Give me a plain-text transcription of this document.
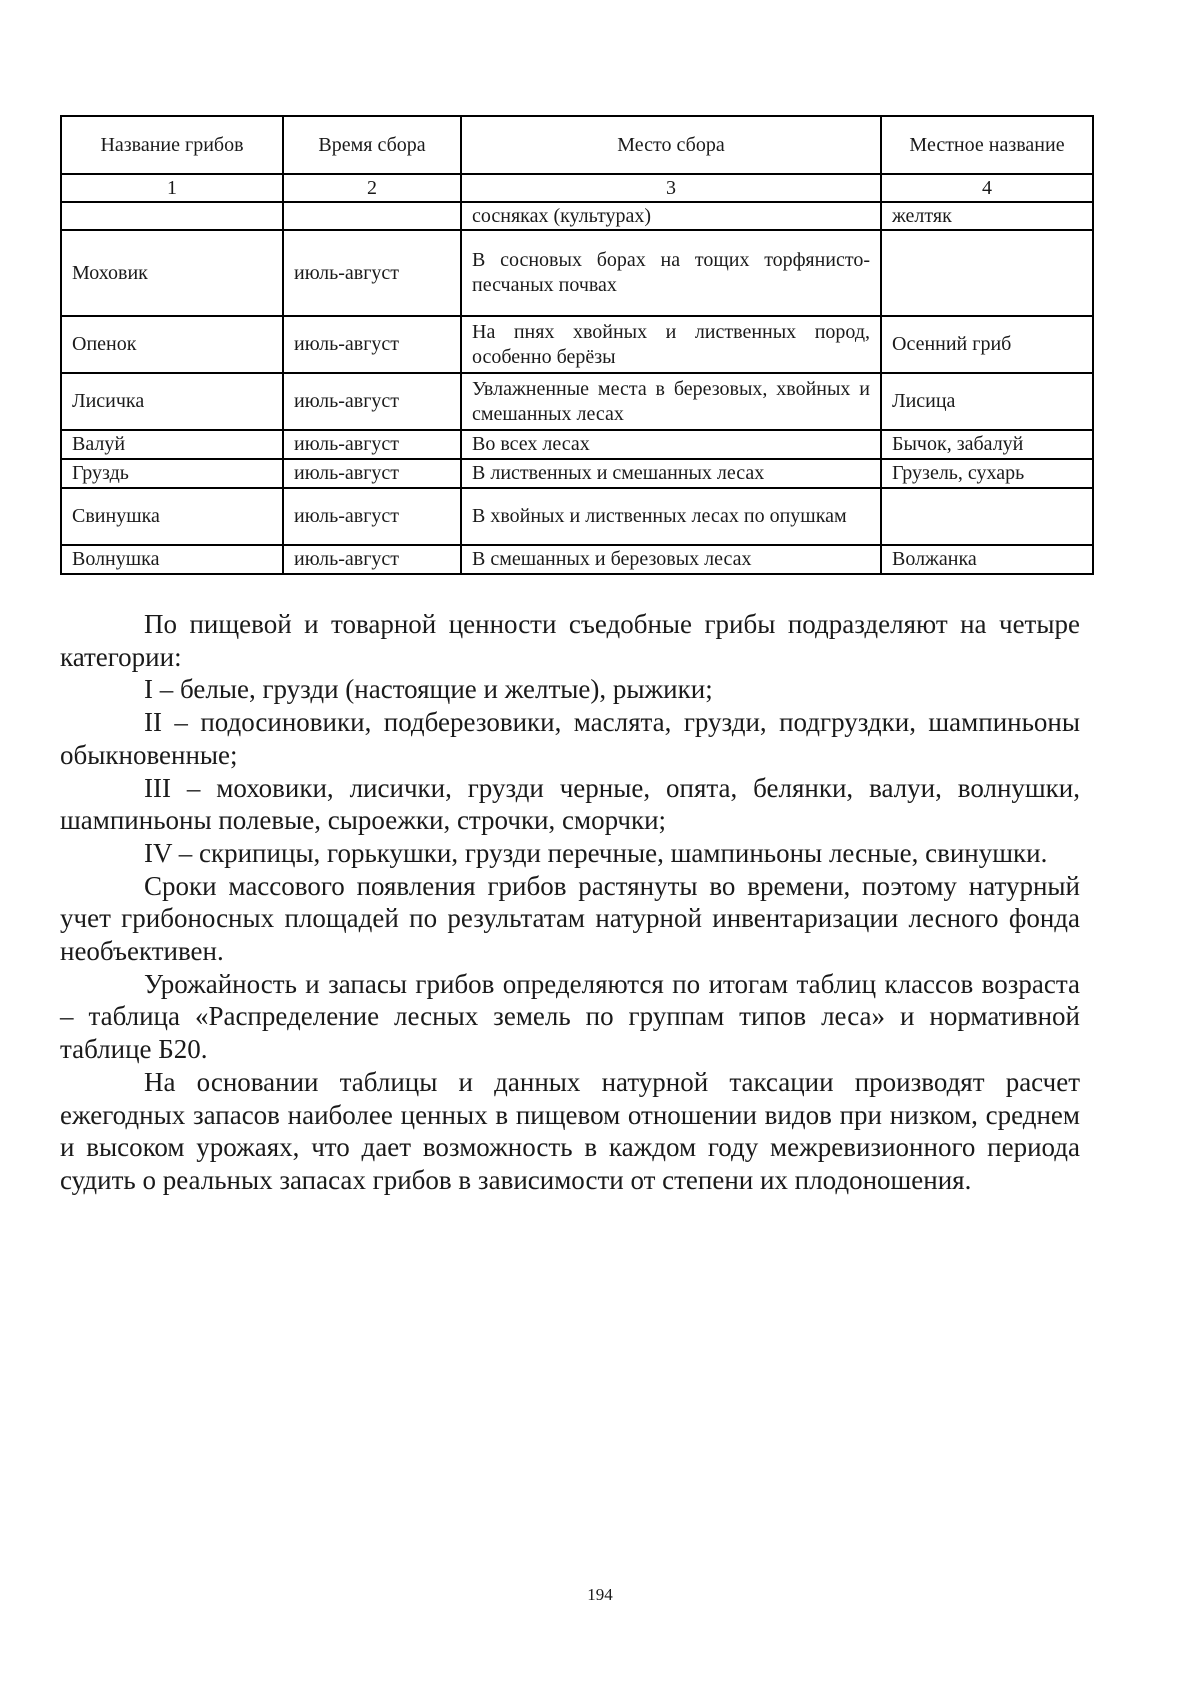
Название грибов	Время сбора	Место сбора	Местное название
1	2	3	4
		сосняках (культурах)	желтяк
Моховик	июль-август	В сосновых борах на тощих торфянисто-песчаных почвах	
Опенок	июль-август	На пнях хвойных и лиственных пород, особенно берёзы	Осенний гриб
Лисичка	июль-август	Увлажненные места в березовых, хвойных и смешанных лесах	Лисица
Валуй	июль-август	Во всех лесах	Бычок, забалуй
Груздь	июль-август	В лиственных и смешанных лесах	Грузель, сухарь
Свинушка	июль-август	В хвойных и лиственных лесах по опушкам	
Волнушка	июль-август	В смешанных и березовых лесах	Волжанка

По пищевой и товарной ценности съедобные грибы подразделяют на четыре категории:

I – белые, грузди (настоящие и желтые), рыжики;

II – подосиновики, подберезовики, маслята, грузди, подгруздки, шампиньоны обыкновенные;

III – моховики, лисички, грузди черные, опята, белянки, валуи, волнушки, шампиньоны полевые, сыроежки, строчки, сморчки;

IV – скрипицы, горькушки, грузди перечные, шампиньоны лесные, свинушки.

Сроки массового появления грибов растянуты во времени, поэтому натурный учет грибоносных площадей по результатам натурной инвентаризации лесного фонда необъективен.

Урожайность и запасы грибов определяются по итогам таблиц классов возраста – таблица «Распределение лесных земель по группам типов леса» и нормативной таблице Б20.

На основании таблицы и данных натурной таксации производят расчет ежегодных запасов наиболее ценных в пищевом отношении видов при низком, среднем и высоком урожаях, что дает возможность в каждом году межревизионного периода судить о реальных запасах грибов в зависимости от степени их плодоношения.

194
